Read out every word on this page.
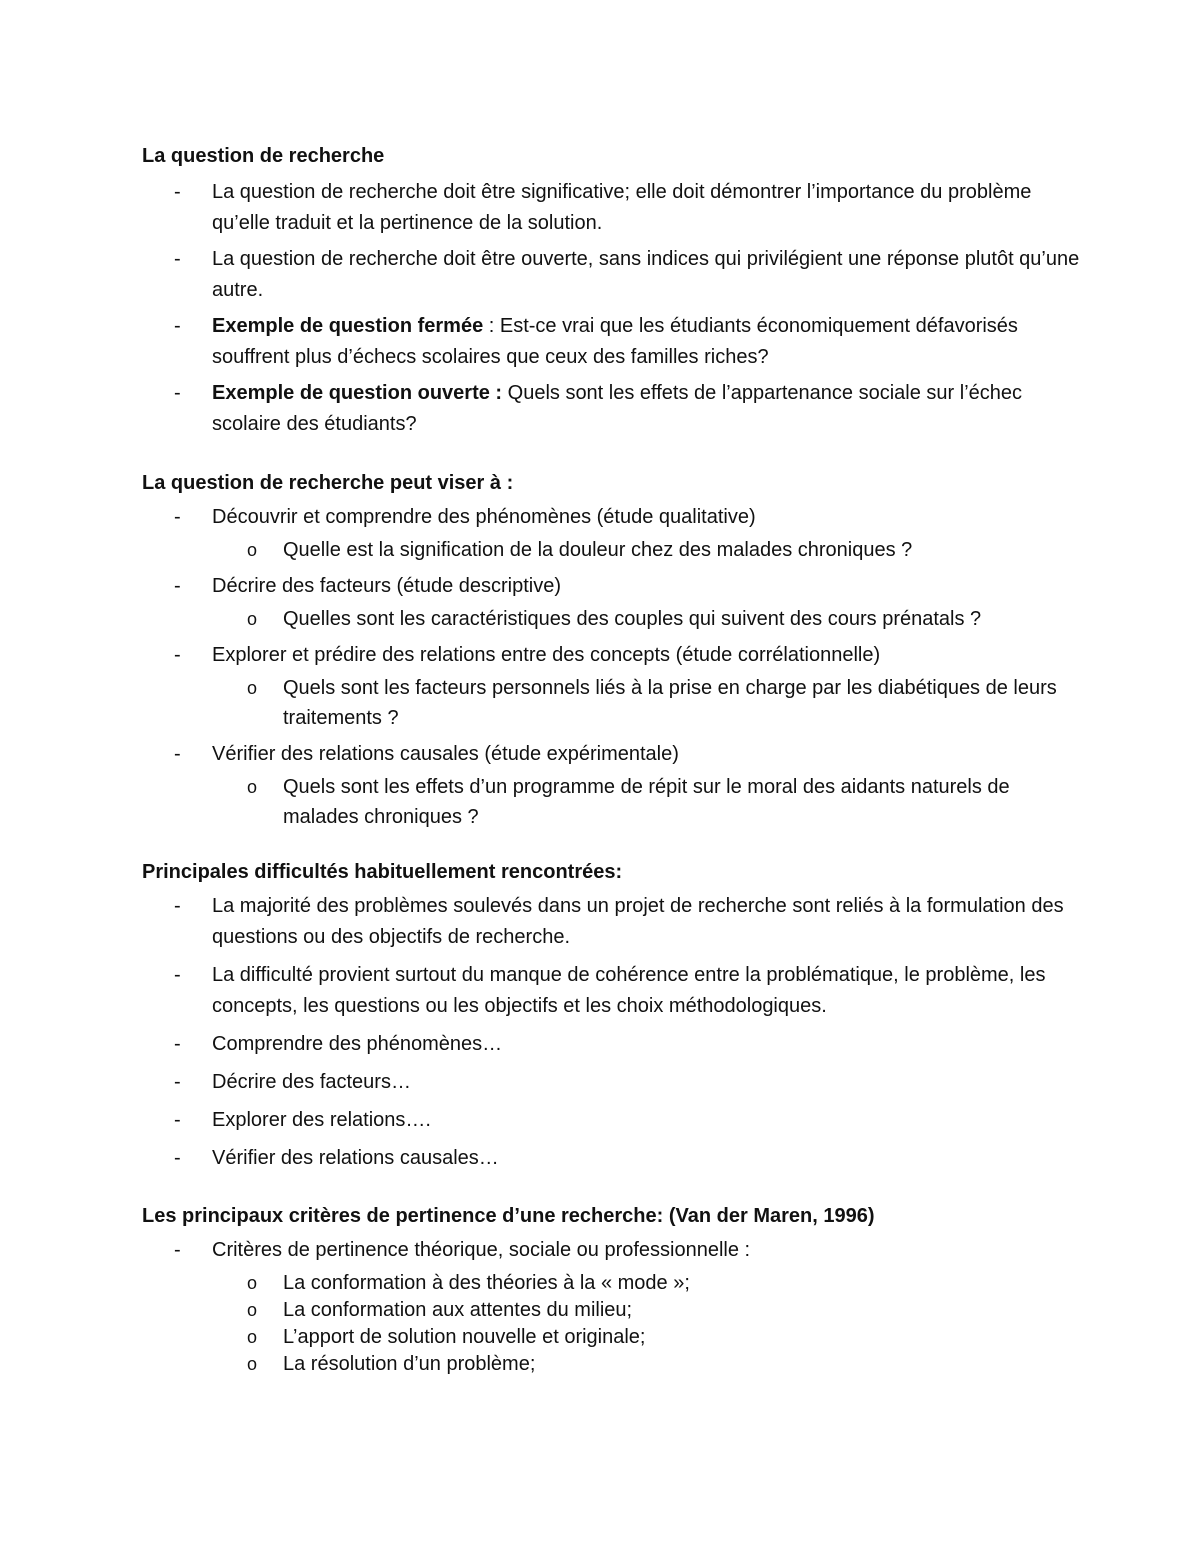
La question de recherche

- La question de recherche doit être significative; elle doit démontrer l’importance du problème qu’elle traduit et la pertinence de la solution.
- La question de recherche doit être ouverte, sans indices qui privilégient une réponse plutôt qu’une autre.
- Exemple de question fermée : Est-ce vrai que les étudiants économiquement défavorisés souffrent plus d’échecs scolaires que ceux des familles riches?
- Exemple de question ouverte : Quels sont les effets de l’appartenance sociale sur l’échec scolaire des étudiants?

La question de recherche peut viser à :

- Découvrir et comprendre des phénomènes (étude qualitative)
o Quelle est la signification de la douleur chez des malades chroniques ?
- Décrire des facteurs (étude descriptive)
o Quelles sont les caractéristiques des couples qui suivent des cours prénatals ?
- Explorer et prédire des relations entre des concepts (étude corrélationnelle)
o Quels sont les facteurs personnels liés à la prise en charge par les diabétiques de leurs traitements ?
- Vérifier des relations causales (étude expérimentale)
o Quels sont les effets d’un programme de répit sur le moral des aidants naturels de malades chroniques ?

Principales difficultés habituellement rencontrées:

- La majorité des problèmes soulevés dans un projet de recherche sont reliés à la formulation des questions ou des objectifs de recherche.
- La difficulté provient surtout du manque de cohérence entre la problématique, le problème, les concepts, les questions ou les objectifs et les choix méthodologiques.
- Comprendre des phénomènes…
- Décrire des facteurs…
- Explorer des relations….
- Vérifier des relations causales…

Les principaux critères de pertinence d’une recherche: (Van der Maren, 1996)

- Critères de pertinence théorique, sociale ou professionnelle :
o La conformation à des théories à la « mode »;
o La conformation aux attentes du milieu;
o L’apport de solution nouvelle et originale;
o La résolution d’un problème;
